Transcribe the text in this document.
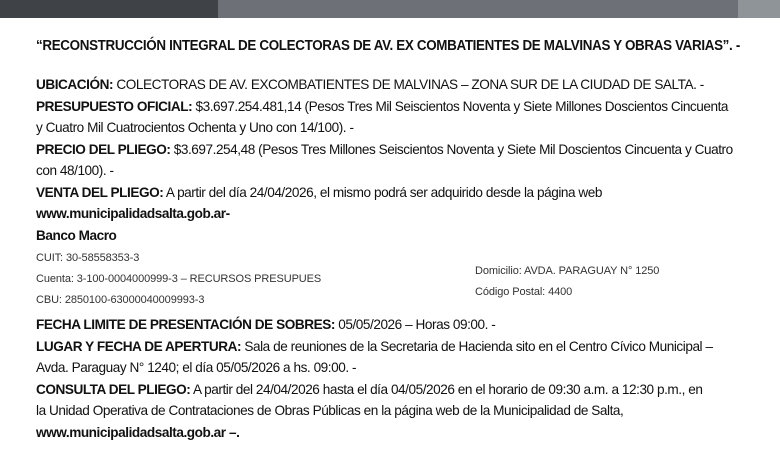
“RECONSTRUCCIÓN INTEGRAL DE COLECTORAS DE AV. EX COMBATIENTES DE MALVINAS Y OBRAS VARIAS”. -
UBICACIÓN: COLECTORAS DE AV. EXCOMBATIENTES DE MALVINAS – ZONA SUR DE LA CIUDAD DE SALTA. -
PRESUPUESTO OFICIAL: $3.697.254.481,14 (Pesos Tres Mil Seiscientos Noventa y Siete Millones Doscientos Cincuenta
y Cuatro Mil Cuatrocientos Ochenta y Uno con 14/100). -
PRECIO DEL PLIEGO: $3.697.254,48 (Pesos Tres Millones Seiscientos Noventa y Siete Mil Doscientos Cincuenta y Cuatro
con 48/100). -
VENTA DEL PLIEGO: A partir del día 24/04/2026, el mismo podrá ser adquirido desde la página web
www.municipalidadsalta.gob.ar-
Banco Macro
CUIT: 30-58558353-3
Cuenta: 3-100-0004000999-3 – RECURSOS PRESUPUES
CBU: 2850100-63000040009993-3
Domicilio: AVDA. PARAGUAY N° 1250
Código Postal: 4400
FECHA LIMITE DE PRESENTACIÓN DE SOBRES: 05/05/2026 – Horas 09:00. -
LUGAR Y FECHA DE APERTURA: Sala de reuniones de la Secretaria de Hacienda sito en el Centro Cívico Municipal –
Avda. Paraguay N° 1240; el día 05/05/2026 a hs. 09:00. -
CONSULTA DEL PLIEGO: A partir del 24/04/2026 hasta el día 04/05/2026 en el horario de 09:30 a.m. a 12:30 p.m., en
la Unidad Operativa de Contrataciones de Obras Públicas en la página web de la Municipalidad de Salta,
www.municipalidadsalta.gob.ar –.
